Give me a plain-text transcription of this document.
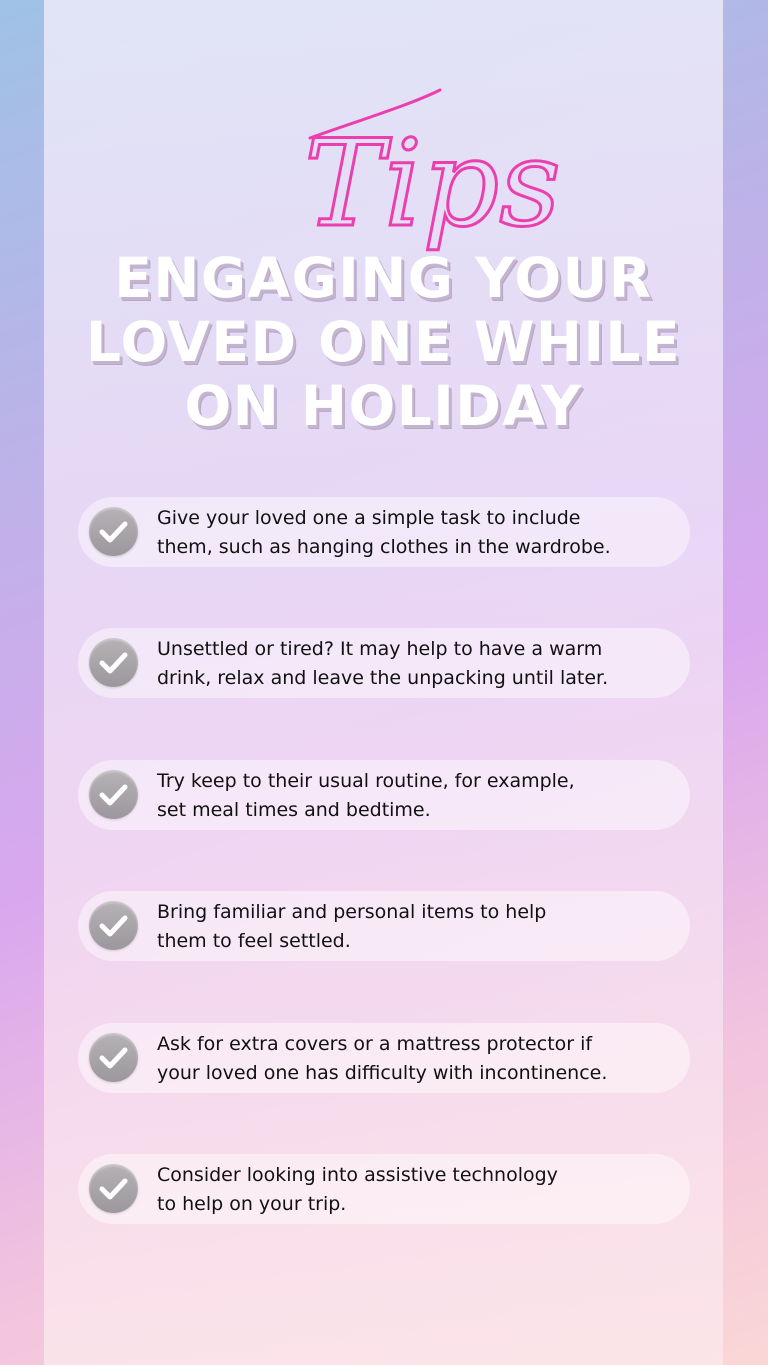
Tips
ENGAGING YOUR
LOVED ONE WHILE
ON HOLIDAY
Give your loved one a simple task to include
them, such as hanging clothes in the wardrobe.
Unsettled or tired? It may help to have a warm
drink, relax and leave the unpacking until later.
Try keep to their usual routine, for example,
set meal times and bedtime.
Bring familiar and personal items to help
them to feel settled.
Ask for extra covers or a mattress protector if
your loved one has difficulty with incontinence.
Consider looking into assistive technology
to help on your trip.
